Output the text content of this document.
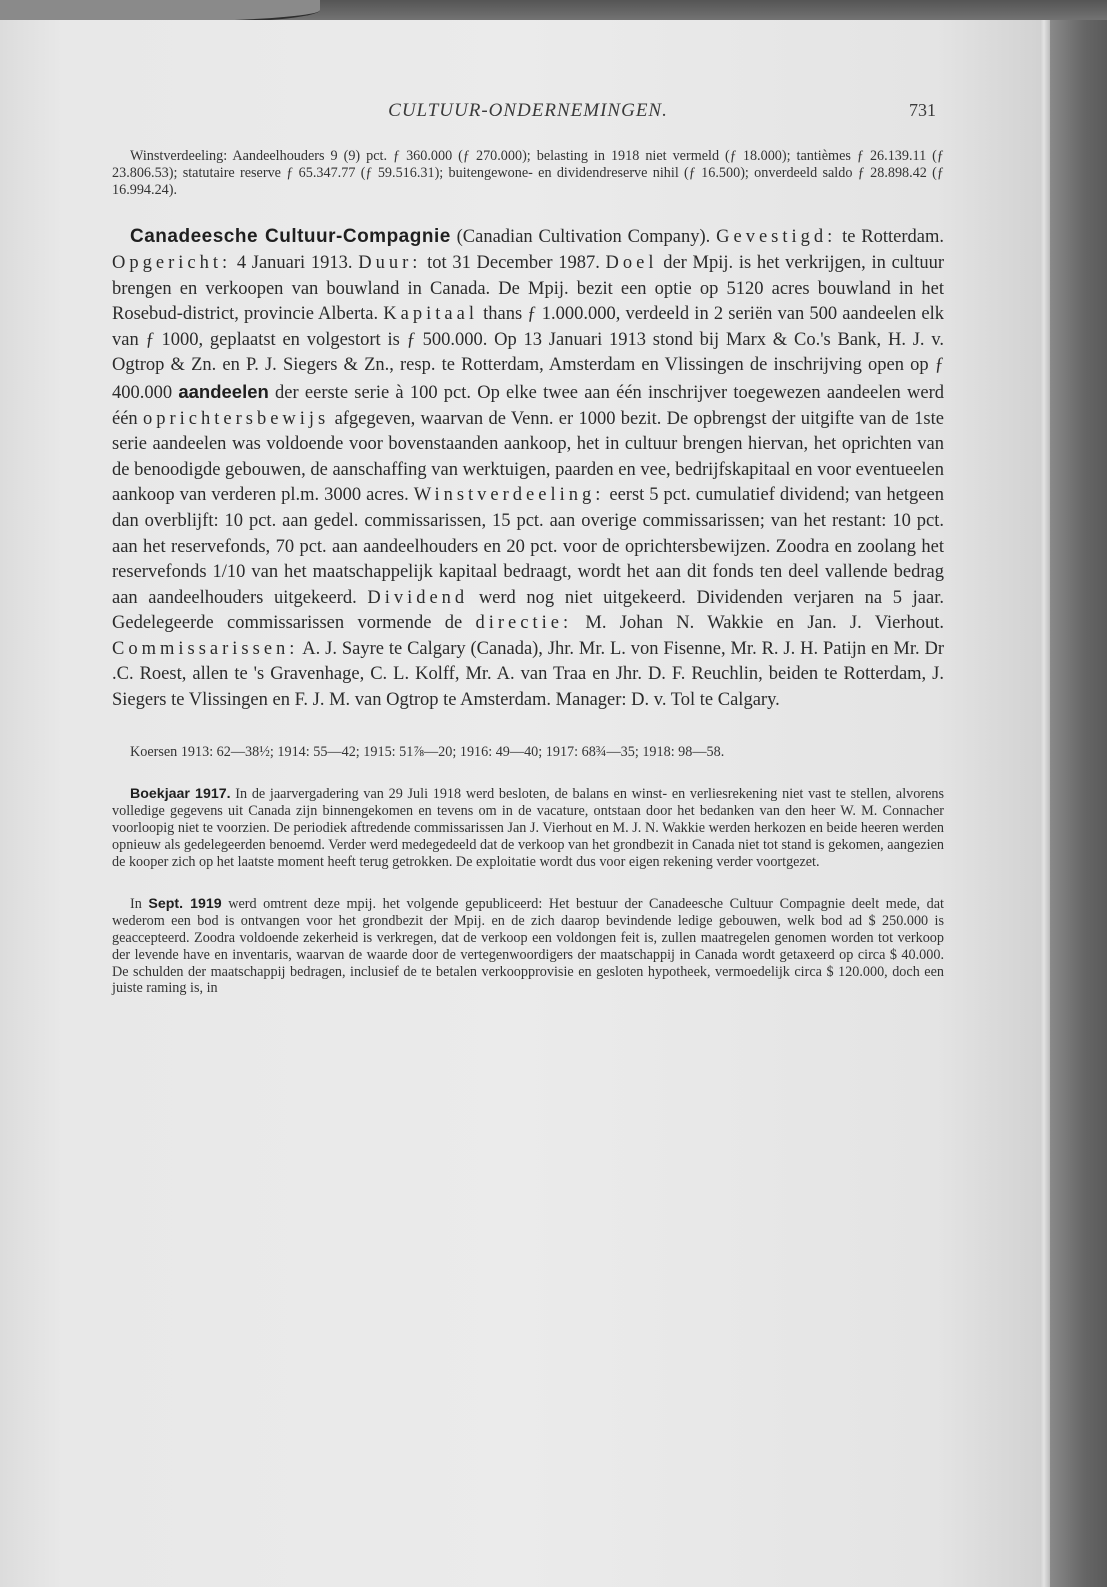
CULTUUR-ONDERNEMINGEN.	731

Winstverdeeling: Aandeelhouders 9 (9) pct. ƒ 360.000 (ƒ 270.000); belasting in 1918 niet vermeld (ƒ 18.000); tantièmes ƒ 26.139.11 (ƒ 23.806.53); statutaire reserve ƒ 65.347.77 (ƒ 59.516.31); buitengewone- en dividendreserve nihil (ƒ 16.500); onverdeeld saldo ƒ 28.898.42 (ƒ 16.994.24).

Canadeesche Cultuur-Compagnie (Canadian Cultivation Company). Gevestigd: te Rotterdam. Opgericht: 4 Januari 1913. Duur: tot 31 December 1987. Doel der Mpij. is het verkrijgen, in cultuur brengen en verkoopen van bouwland in Canada. De Mpij. bezit een optie op 5120 acres bouwland in het Rosebud-district, provincie Alberta. Kapitaal thans ƒ 1.000.000, verdeeld in 2 seriën van 500 aandeelen elk van ƒ 1000, geplaatst en volgestort is ƒ 500.000. Op 13 Januari 1913 stond bij Marx & Co.'s Bank, H. J. v. Ogtrop & Zn. en P. J. Siegers & Zn., resp. te Rotterdam, Amsterdam en Vlissingen de inschrijving open op ƒ 400.000 aandeelen der eerste serie à 100 pct. Op elke twee aan één inschrijver toegewezen aandeelen werd één oprichtersbewijs afgegeven, waarvan de Venn. er 1000 bezit. De opbrengst der uitgifte van de 1ste serie aandeelen was voldoende voor bovenstaanden aankoop, het in cultuur brengen hiervan, het oprichten van de benoodigde gebouwen, de aanschaffing van werktuigen, paarden en vee, bedrijfskapitaal en voor eventueelen aankoop van verderen pl.m. 3000 acres. Winstverdeeling: eerst 5 pct. cumulatief dividend; van hetgeen dan overblijft: 10 pct. aan gedel. commissarissen, 15 pct. aan overige commissarissen; van het restant: 10 pct. aan het reservefonds, 70 pct. aan aandeelhouders en 20 pct. voor de oprichtersbewijzen. Zoodra en zoolang het reservefonds 1/10 van het maatschappelijk kapitaal bedraagt, wordt het aan dit fonds ten deel vallende bedrag aan aandeelhouders uitgekeerd. Dividend werd nog niet uitgekeerd. Dividenden verjaren na 5 jaar. Gedelegeerde commissarissen vormende de directie: M. Johan N. Wakkie en Jan. J. Vierhout. Commissarissen: A. J. Sayre te Calgary (Canada), Jhr. Mr. L. von Fisenne, Mr. R. J. H. Patijn en Mr. Dr .C. Roest, allen te 's Gravenhage, C. L. Kolff, Mr. A. van Traa en Jhr. D. F. Reuchlin, beiden te Rotterdam, J. Siegers te Vlissingen en F. J. M. van Ogtrop te Amsterdam. Manager: D. v. Tol te Calgary.

Koersen 1913: 62—38½; 1914: 55—42; 1915: 51⅞—20; 1916: 49—40; 1917: 68¾—35; 1918: 98—58.

Boekjaar 1917. In de jaarvergadering van 29 Juli 1918 werd besloten, de balans en winst- en verliesrekening niet vast te stellen, alvorens volledige gegevens uit Canada zijn binnengekomen en tevens om in de vacature, ontstaan door het bedanken van den heer W. M. Connacher voorloopig niet te voorzien. De periodiek aftredende commissarissen Jan J. Vierhout en M. J. N. Wakkie werden herkozen en beide heeren werden opnieuw als gedelegeerden benoemd. Verder werd medegedeeld dat de verkoop van het grondbezit in Canada niet tot stand is gekomen, aangezien de kooper zich op het laatste moment heeft terug getrokken. De exploitatie wordt dus voor eigen rekening verder voortgezet.

In Sept. 1919 werd omtrent deze mpij. het volgende gepubliceerd: Het bestuur der Canadeesche Cultuur Compagnie deelt mede, dat wederom een bod is ontvangen voor het grondbezit der Mpij. en de zich daarop bevindende ledige gebouwen, welk bod ad $ 250.000 is geaccepteerd. Zoodra voldoende zekerheid is verkregen, dat de verkoop een voldongen feit is, zullen maatregelen genomen worden tot verkoop der levende have en inventaris, waarvan de waarde door de vertegenwoordigers der maatschappij in Canada wordt getaxeerd op circa $ 40.000. De schulden der maatschappij bedragen, inclusief de te betalen verkoopprovisie en gesloten hypotheek, vermoedelijk circa $ 120.000, doch een juiste raming is, in
